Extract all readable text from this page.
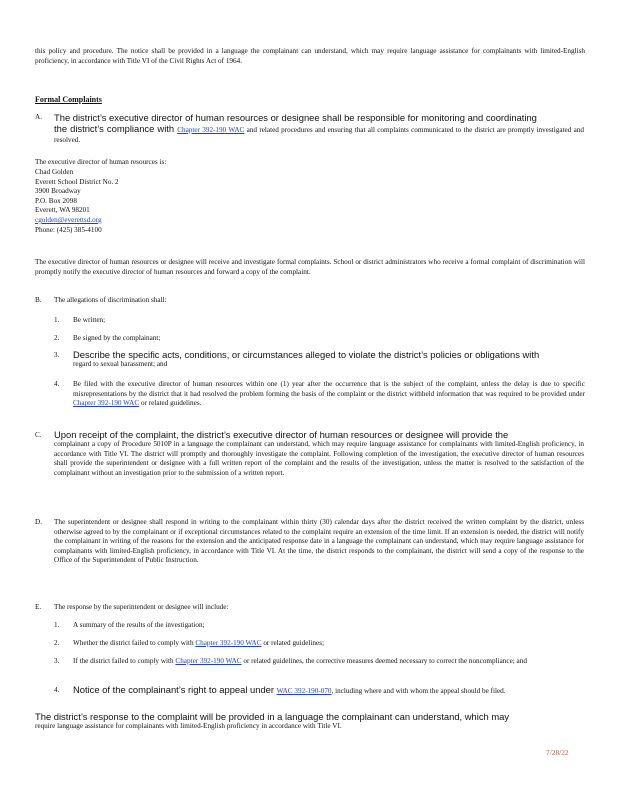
this policy and procedure. The notice shall be provided in a language the complainant can understand, which may require language assistance for complainants with limited-English proficiency, in accordance with Title VI of the Civil Rights Act of 1964.
Formal Complaints
A. The district’s executive director of human resources or designee shall be responsible for monitoring and coordinating
the district’s compliance with Chapter 392-190 WAC and related procedures and ensuring that all complaints communicated to the district are promptly investigated and resolved.
The executive director of human resources is:
Chad Golden
Everett School District No. 2
3900 Broadway
P.O. Box 2098
Everett, WA 98201
cgolden@everettsd.org
Phone: (425) 385-4100
The executive director of human resources or designee will receive and investigate formal complaints. School or district administrators who receive a formal complaint of discrimination will promptly notify the executive director of human resources and forward a copy of the complaint.
B. The allegations of discrimination shall:
1. Be written;
2. Be signed by the complainant;
3. Describe the specific acts, conditions, or circumstances alleged to violate the district’s policies or obligations with
regard to sexual harassment; and
4. Be filed with the executive director of human resources within one (1) year after the occurrence that is the subject of the complaint, unless the delay is due to specific misrepresentations by the district that it had resolved the problem forming the basis of the complaint or the district withheld information that was required to be provided under Chapter 392-190 WAC or related guidelines.
C. Upon receipt of the complaint, the district’s executive director of human resources or designee will provide the
complainant a copy of Procedure 5010P in a language the complainant can understand, which may require language assistance for complainants with limited-English proficiency, in accordance with Title VI. The district will promptly and thoroughly investigate the complaint. Following completion of the investigation, the executive director of human resources shall provide the superintendent or designee with a full written report of the complaint and the results of the investigation, unless the matter is resolved to the satisfaction of the complainant without an investigation prior to the submission of a written report.
D. The superintendent or designee shall respond in writing to the complainant within thirty (30) calendar days after the district received the written complaint by the district, unless otherwise agreed to by the complainant or if exceptional circumstances related to the complaint require an extension of the time limit. If an extension is needed, the district will notify the complainant in writing of the reasons for the extension and the anticipated response date in a language the complainant can understand, which may require language assistance for complainants with limited-English proficiency, in accordance with Title VI. At the time, the district responds to the complainant, the district will send a copy of the response to the Office of the Superintendent of Public Instruction.
E. The response by the superintendent or designee will include:
1. A summary of the results of the investigation;
2. Whether the district failed to comply with Chapter 392-190 WAC or related guidelines;
3. If the district failed to comply with Chapter 392-190 WAC or related guidelines, the corrective measures deemed necessary to correct the noncompliance; and
4. Notice of the complainant’s right to appeal under WAC 392-190-070, including where and with whom the appeal should be filed.
The district’s response to the complaint will be provided in a language the complainant can understand, which may
require language assistance for complainants with limited-English proficiency in accordance with Title VI.
7/28/22
